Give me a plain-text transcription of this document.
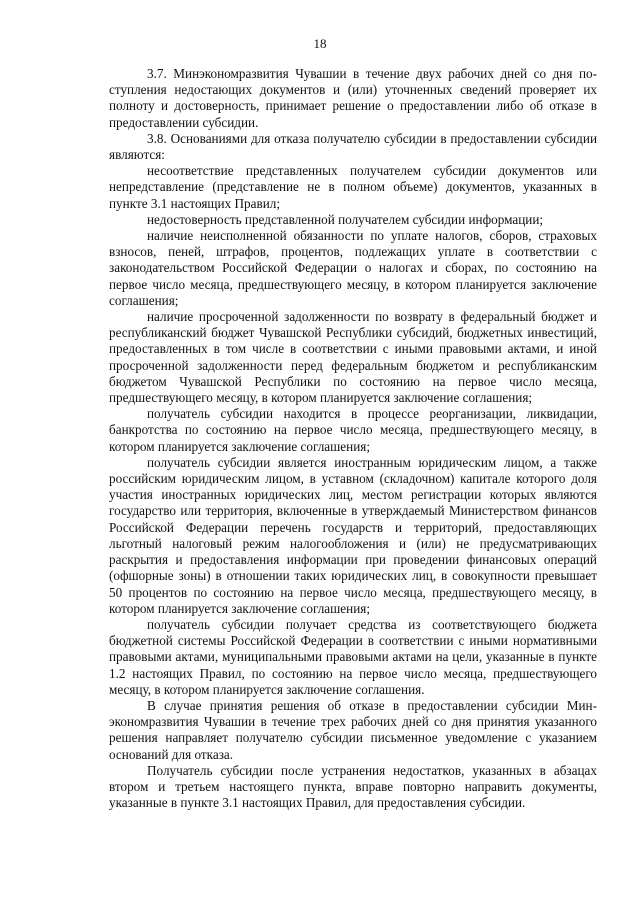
18

3.7. Минэкономразвития Чувашии в течение двух рабочих дней со дня поступления недостающих документов и (или) уточненных сведений проверяет их полноту и достоверность, принимает решение о предоставлении либо об отказе в предоставлении субсидии.

3.8. Основаниями для отказа получателю субсидии в предоставлении субсидии являются:

несоответствие представленных получателем субсидии документов или непредставление (представление не в полном объеме) документов, указанных в пункте 3.1 настоящих Правил;

недостоверность представленной получателем субсидии информации;

наличие неисполненной обязанности по уплате налогов, сборов, страховых взносов, пеней, штрафов, процентов, подлежащих уплате в соответствии с законодательством Российской Федерации о налогах и сборах, по состоянию на первое число месяца, предшествующего месяцу, в котором планируется заключение соглашения;

наличие просроченной задолженности по возврату в федеральный бюджет и республиканский бюджет Чувашской Республики субсидий, бюджетных инвестиций, предоставленных в том числе в соответствии с иными правовыми актами, и иной просроченной задолженности перед федеральным бюджетом и республиканским бюджетом Чувашской Республики по состоянию на первое число месяца, предшествующего месяцу, в котором планируется заключение соглашения;

получатель субсидии находится в процессе реорганизации, ликвидации, банкротства по состоянию на первое число месяца, предшествующего месяцу, в котором планируется заключение соглашения;

получатель субсидии является иностранным юридическим лицом, а также российским юридическим лицом, в уставном (складочном) капитале которого доля участия иностранных юридических лиц, местом регистрации которых являются государство или территория, включенные в утверждаемый Министерством финансов Российской Федерации перечень государств и территорий, предоставляющих льготный налоговый режим налогообложения и (или) не предусматривающих раскрытия и предоставления информации при проведении финансовых операций (офшорные зоны) в отношении таких юридических лиц, в совокупности превышает 50 процентов по состоянию на первое число месяца, предшествующего месяцу, в котором планируется заключение соглашения;

получатель субсидии получает средства из соответствующего бюджета бюджетной системы Российской Федерации в соответствии с иными нормативными правовыми актами, муниципальными правовыми актами на цели, указанные в пункте 1.2 настоящих Правил, по состоянию на первое число месяца, предшествующего месяцу, в котором планируется заключение соглашения.

В случае принятия решения об отказе в предоставлении субсидии Минэкономразвития Чувашии в течение трех рабочих дней со дня принятия указанного решения направляет получателю субсидии письменное уведомление с указанием оснований для отказа.

Получатель субсидии после устранения недостатков, указанных в абзацах втором и третьем настоящего пункта, вправе повторно направить документы, указанные в пункте 3.1 настоящих Правил, для предоставления субсидии.
